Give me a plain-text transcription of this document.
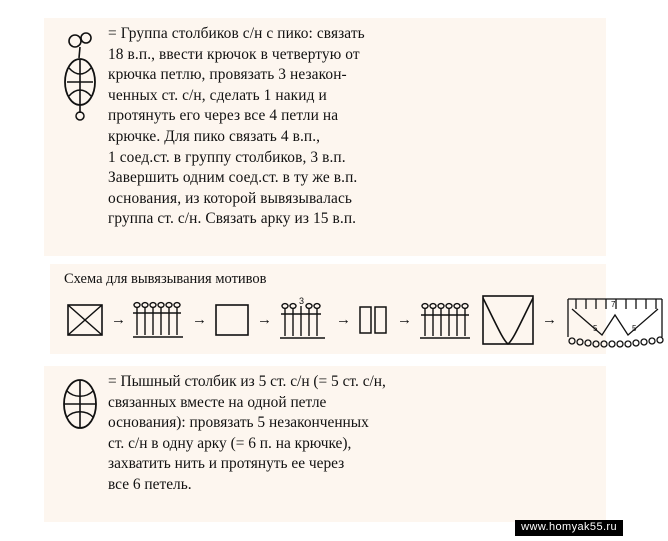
= Группа столбиков с/н с пико: связать
18 в.п., ввести крючок в четвертую от
крючка петлю, провязать 3 незакон-
ченных ст. с/н, сделать 1 накид и
протянуть его через все 4 петли на
крючке. Для пико связать 4 в.п.,
1 соед.ст. в группу столбиков, 3 в.п.
Завершить одним соед.ст. в ту же в.п.
основания, из которой вывязывалась
группа ст. с/н. Связать арку из 15 в.п.
Схема для вывязывания мотивов
→	→	→
3
→	→	→
7
5	5
= Пышный столбик из 5 ст. с/н (= 5 ст. с/н,
связанных вместе на одной петле
основания): провязать 5 незаконченных
ст. с/н в одну арку (= 6 п. на крючке),
захватить нить и протянуть ее через
все 6 петель.
www.homyak55.ru
